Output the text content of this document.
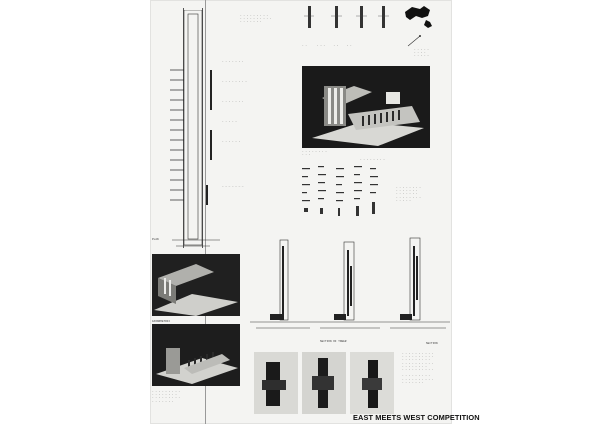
- - - - - - -
- - - - - - - -
- - - - - - -
- - - - -
- - - - - -
_ _ _ _ _ _ _
PLAN
- - - - - - - - -
- - - - - - - - - -
- - - - - - -
- -      - - -     - -     - -
- - - - -
- - - -
- - - - -
- - - - - - - -
- - -
- - - - - - - -
- - - - - - - -
- - - - - - -
- - - - - - -
- - - - - - - -
- - - - -
SECTION OF TOWER
SECTION
AXONOMETRIC
- - - - - - - - -
- - - - - - - -
- - - - - - - - -
- - - - - - -
- - - - - - - - - -
- - - - - - - - - -
- - - - - - - - -
- - - - - - - - - -
- - - - - - - -
- - - - - - - - - -

- - - - - - - - -
- - - - - - - - - -
- - - - - - -
EAST MEETS WEST COMPETITION
